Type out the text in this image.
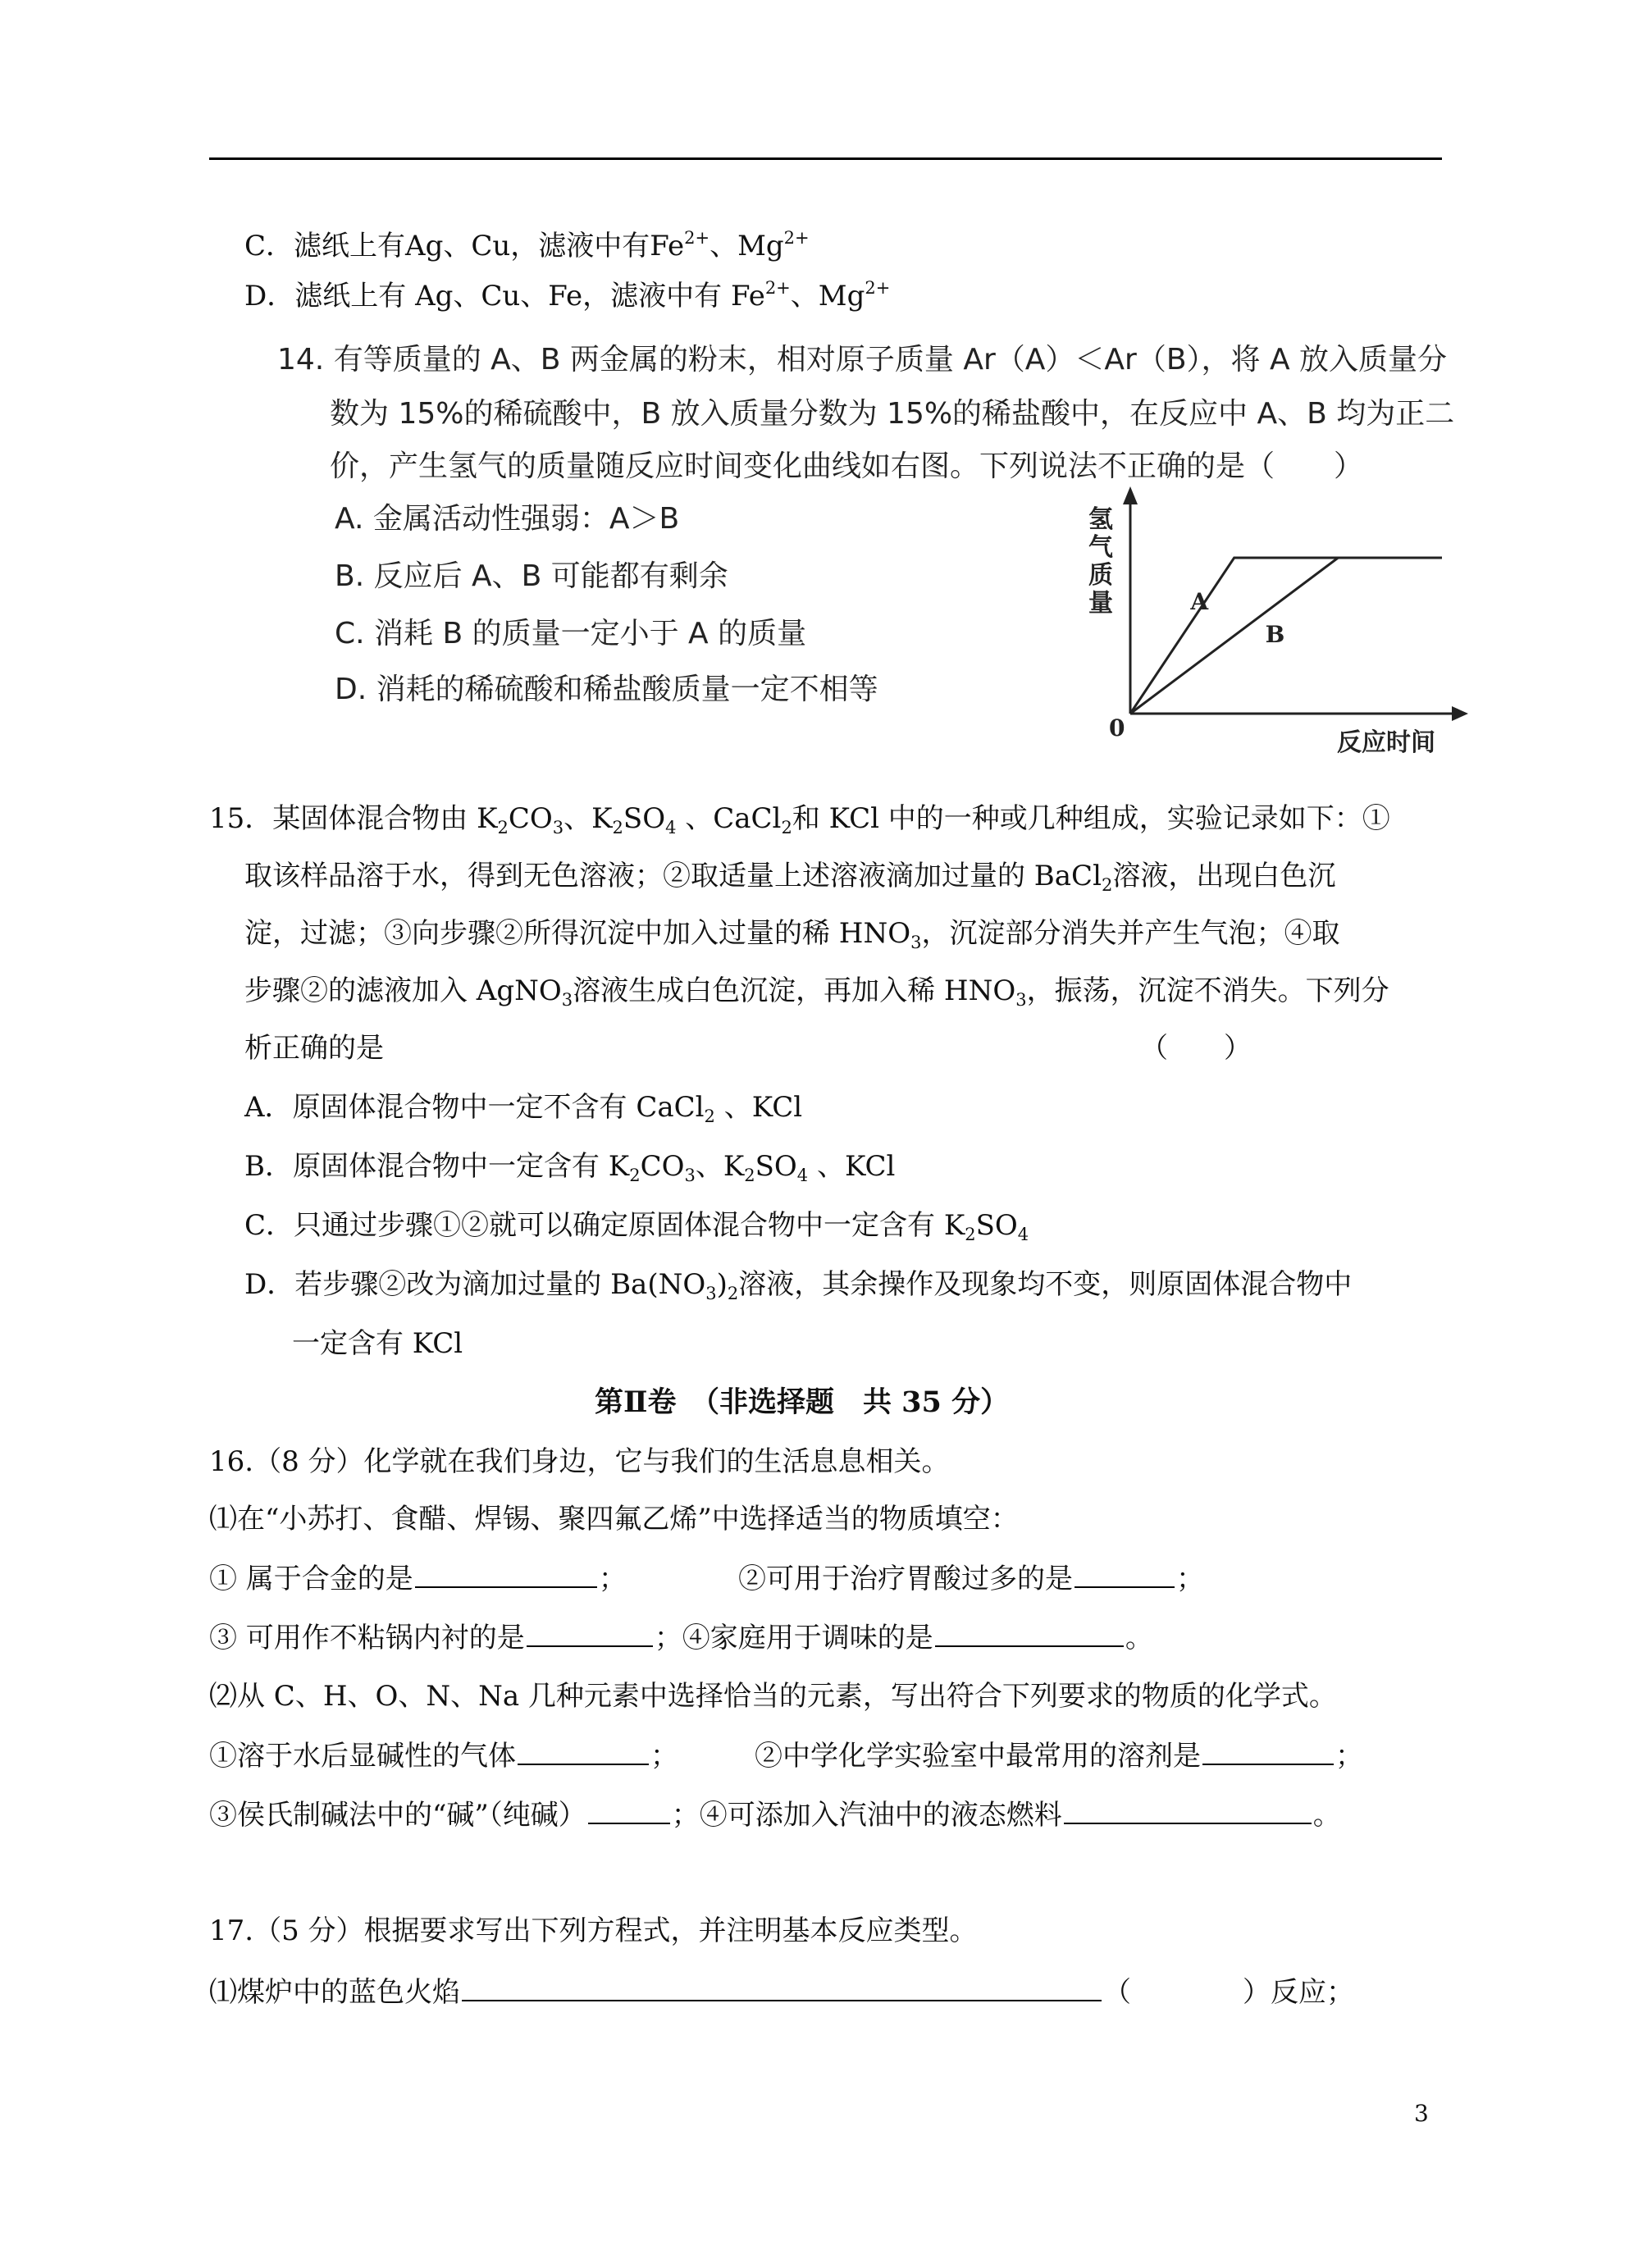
C．滤纸上有Ag、Cu，滤液中有$Fe^{2+}$、$Mg^{2+}$
D．滤纸上有 Ag、Cu、Fe，滤液中有 $Fe^{2+}$、$Mg^{2+}$
14. 有等质量的 A、B 两金属的粉末，相对原子质量 Ar（A）＜Ar（B），将 A 放入质量分
数为 15%的稀硫酸中，B 放入质量分数为 15%的稀盐酸中，在反应中 A、B 均为正二
价，产生氢气的质量随反应时间变化曲线如右图。下列说法不正确的是（　　）
A. 金属活动性强弱：A＞B
B. 反应后 A、B 可能都有剩余
C. 消耗 B 的质量一定小于 A 的质量
D. 消耗的稀硫酸和稀盐酸质量一定不相等
A
B
氢气质量
0
反应时间
15．某固体混合物由 $K_2CO_3$、$K_2SO_4$ 、CaCl$_2$和 KCl 中的一种或几种组成，实验记录如下：①
取该样品溶于水，得到无色溶液；②取适量上述溶液滴加过量的 BaCl$_2$溶液，出现白色沉
淀，过滤；③向步骤②所得沉淀中加入过量的稀 $HNO_3$，沉淀部分消失并产生气泡；④取
步骤②的滤液加入 AgNO$_3$溶液生成白色沉淀，再加入稀 $HNO_3$，振荡，沉淀不消失。下列分
析正确的是	（　　）
A．原固体混合物中一定不含有 CaCl$_2$ 、KCl
B．原固体混合物中一定含有 $K_2CO_3$、$K_2SO_4$ 、KCl
C．只通过步骤①②就可以确定原固体混合物中一定含有 $K_2SO_4$
D．若步骤②改为滴加过量的 $Ba(NO_3)_2$溶液，其余操作及现象均不变，则原固体混合物中
一定含有 KCl
第Ⅱ卷　（非选择题　共 35 分）
16.（8 分）化学就在我们身边，它与我们的生活息息相关。
⑴在“小苏打、食醋、焊锡、聚四氟乙烯”中选择适当的物质填空：
① 属于合金的是	；	②可用于治疗胃酸过多的是	；
③ 可用作不粘锅内衬的是	；④家庭用于调味的是	。
⑵从 C、H、O、N、Na 几种元素中选择恰当的元素，写出符合下列要求的物质的化学式。
①溶于水后显碱性的气体	；	②中学化学实验室中最常用的溶剂是	；
③侯氏制碱法中的“碱”（纯碱）	；④可添加入汽油中的液态燃料	。
17.（5 分）根据要求写出下列方程式，并注明基本反应类型。
⑴煤炉中的蓝色火焰	（　　　　）反应；
3
